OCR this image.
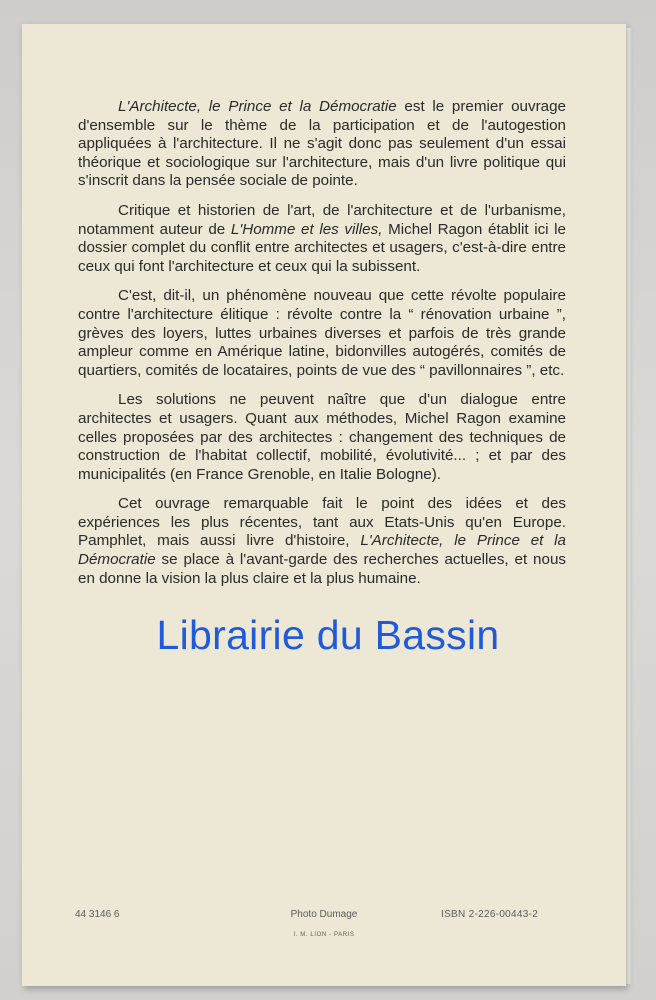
L'Architecte, le Prince et la Démocratie est le premier ouvrage d'ensemble sur le thème de la participation et de l'autogestion appliquées à l'architecture. Il ne s'agit donc pas seulement d'un essai théorique et sociologique sur l'architecture, mais d'un livre politique qui s'inscrit dans la pensée sociale de pointe.

Critique et historien de l'art, de l'architecture et de l'urbanisme, notamment auteur de L'Homme et les villes, Michel Ragon établit ici le dossier complet du conflit entre architectes et usagers, c'est-à-dire entre ceux qui font l'architecture et ceux qui la subissent.

C'est, dit-il, un phénomène nouveau que cette révolte populaire contre l'architecture élitique : révolte contre la “ rénovation urbaine ”, grèves des loyers, luttes urbaines diverses et parfois de très grande ampleur comme en Amérique latine, bidonvilles autogérés, comités de quartiers, comités de locataires, points de vue des “ pavillonnaires ”, etc.

Les solutions ne peuvent naître que d'un dialogue entre architectes et usagers. Quant aux méthodes, Michel Ragon examine celles proposées par des architectes : changement des techniques de construction de l'habitat collectif, mobilité, évolutivité... ; et par des municipalités (en France Grenoble, en Italie Bologne).

Cet ouvrage remarquable fait le point des idées et des expériences les plus récentes, tant aux Etats-Unis qu'en Europe. Pamphlet, mais aussi livre d'histoire, L'Architecte, le Prince et la Démocratie se place à l'avant-garde des recherches actuelles, et nous en donne la vision la plus claire et la plus humaine.

Librairie du Bassin
44 3146 6	Photo Dumage	ISBN 2-226-00443-2
I. M. LION - PARIS
